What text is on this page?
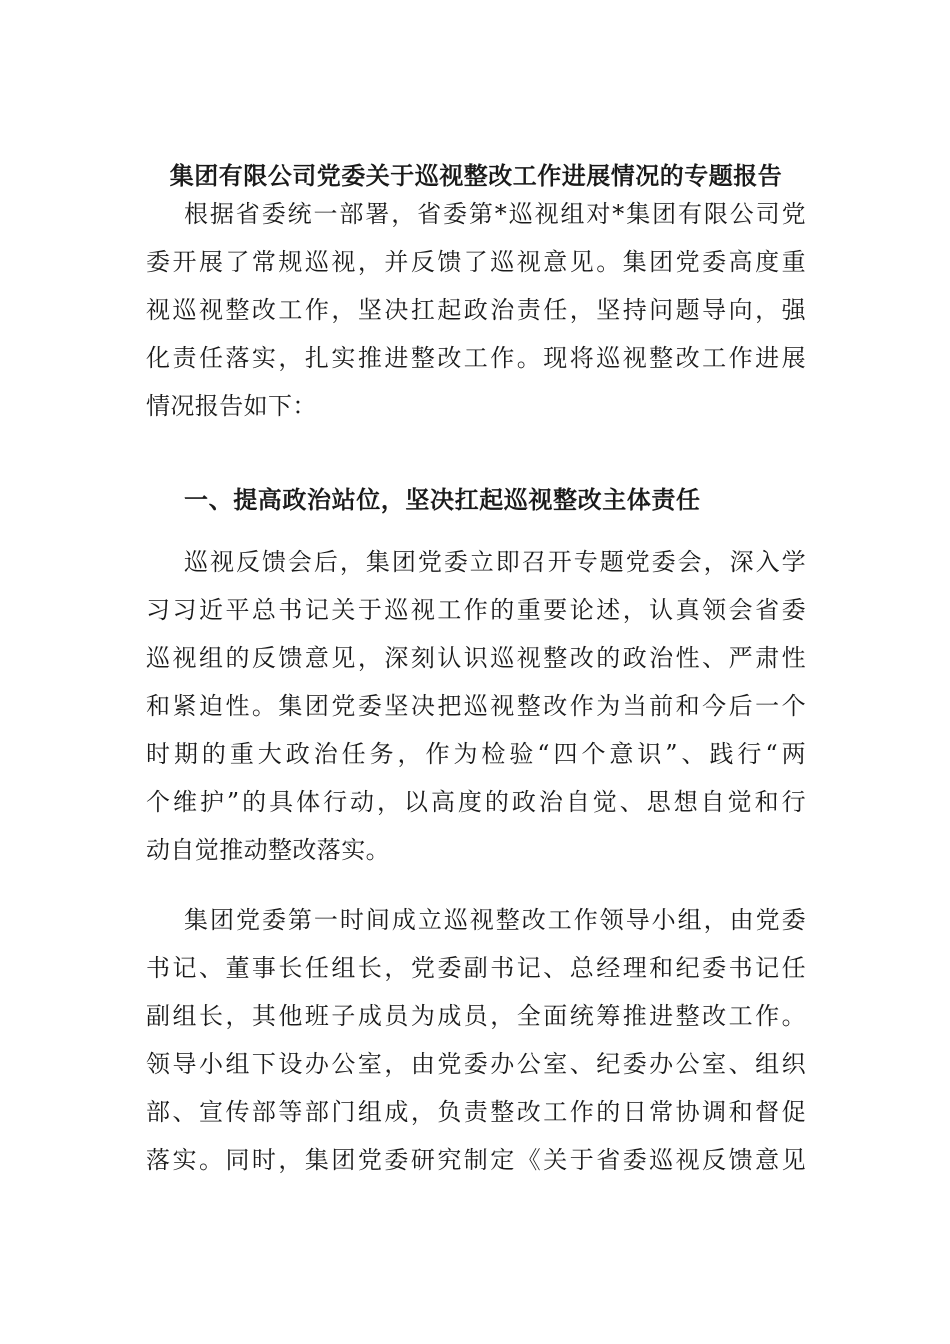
集团有限公司党委关于巡视整改工作进展情况的专题报告
根据省委统一部署，省委第*巡视组对*集团有限公司党
委开展了常规巡视，并反馈了巡视意见。集团党委高度重
视巡视整改工作，坚决扛起政治责任，坚持问题导向，强
化责任落实，扎实推进整改工作。现将巡视整改工作进展
情况报告如下：
一、提高政治站位，坚决扛起巡视整改主体责任
巡视反馈会后，集团党委立即召开专题党委会，深入学
习习近平总书记关于巡视工作的重要论述，认真领会省委
巡视组的反馈意见，深刻认识巡视整改的政治性、严肃性
和紧迫性。集团党委坚决把巡视整改作为当前和今后一个
时期的重大政治任务，作为检验“四个意识”、践行“两
个维护”的具体行动，以高度的政治自觉、思想自觉和行
动自觉推动整改落实。
集团党委第一时间成立巡视整改工作领导小组，由党委
书记、董事长任组长，党委副书记、总经理和纪委书记任
副组长，其他班子成员为成员，全面统筹推进整改工作。
领导小组下设办公室，由党委办公室、纪委办公室、组织
部、宣传部等部门组成，负责整改工作的日常协调和督促
落实。同时，集团党委研究制定《关于省委巡视反馈意见
